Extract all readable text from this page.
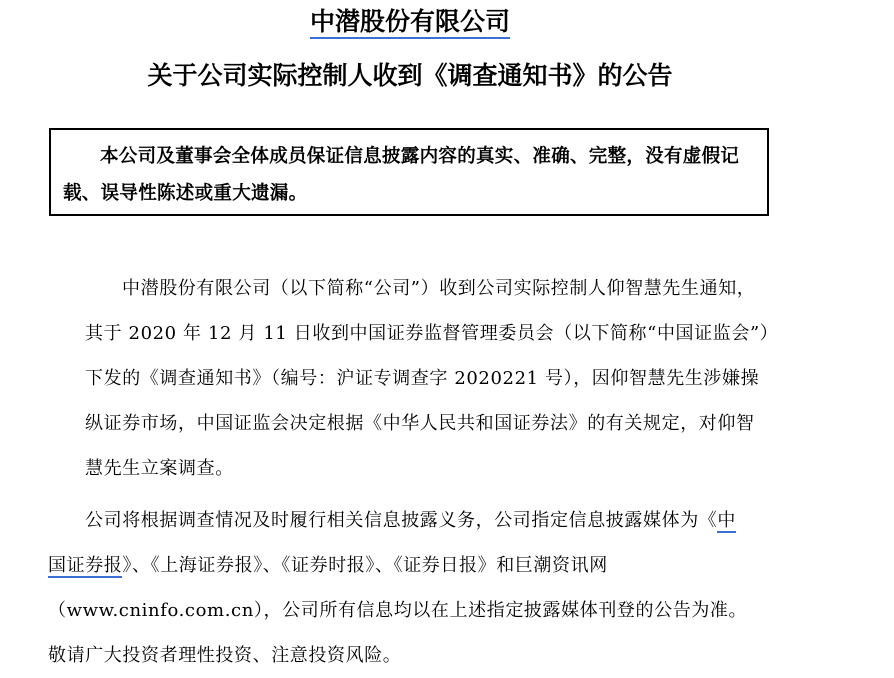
中潜股份有限公司
关于公司实际控制人收到《调查通知书》的公告
本公司及董事会全体成员保证信息披露内容的真实、准确、完整，没有虚假记载、误导性陈述或重大遗漏。
中潜股份有限公司（以下简称“公司”）收到公司实际控制人仰智慧先生通知，
其于 2020 年 12 月 11 日收到中国证券监督管理委员会（以下简称“中国证监会”）
下发的《调查通知书》（编号：沪证专调查字 2020221 号），因仰智慧先生涉嫌操
纵证券市场，中国证监会决定根据《中华人民共和国证券法》的有关规定，对仰智
慧先生立案调查。
公司将根据调查情况及时履行相关信息披露义务，公司指定信息披露媒体为《中
国证券报》、《上海证券报》、《证券时报》、《证券日报》和巨潮资讯网
（www.cninfo.com.cn），公司所有信息均以在上述指定披露媒体刊登的公告为准。
敬请广大投资者理性投资、注意投资风险。
